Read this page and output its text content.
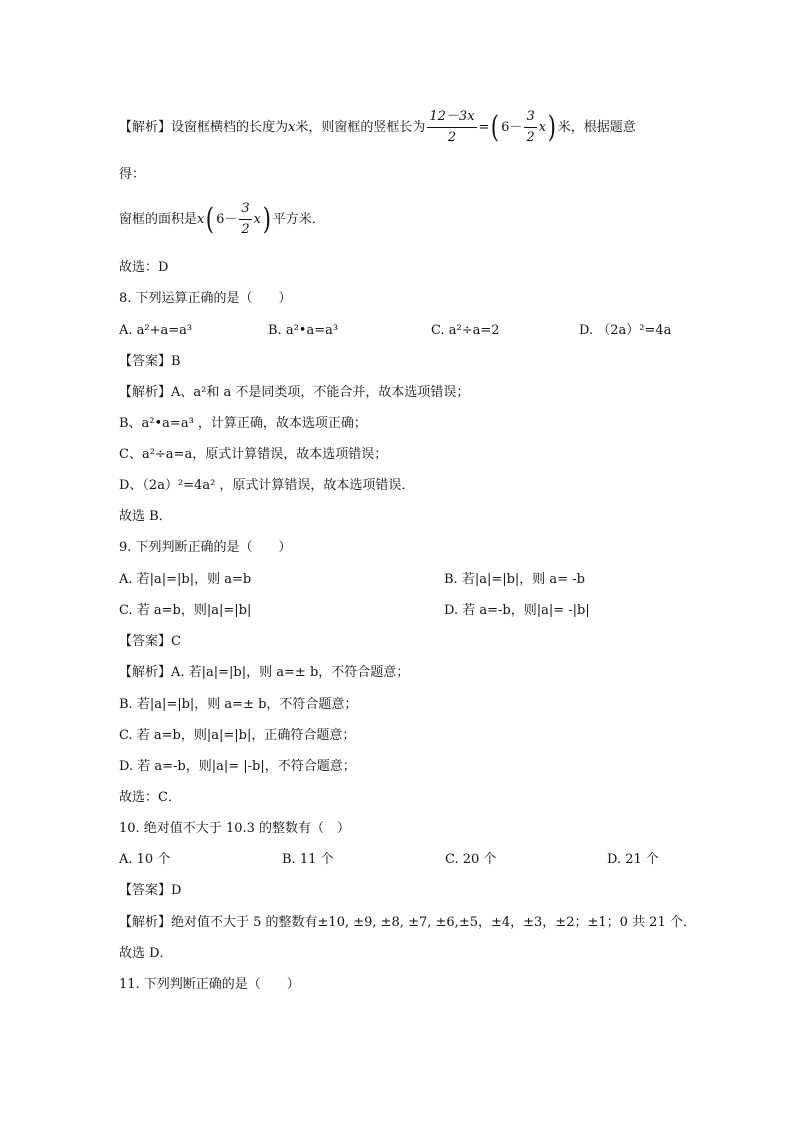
【解析】设窗框横档的长度为x米，则窗框的竖框长为 $\frac{12-3x}{2}$ =( $6- \frac{3}{2} x$) 米，根据题意
得：
窗框的面积是x( $6- \frac{3}{2} x$) 平方米．
故选：D
8. 下列运算正确的是（　　）
A. a²+a=a³	B. a²•a=a³	C. a²÷a=2	D. （2a）²=4a
【答案】B
【解析】A、a²和 a 不是同类项，不能合并，故本选项错误；
B、a²•a=a³ ，计算正确，故本选项正确；
C、a²÷a=a，原式计算错误，故本选项错误；
D、（2a）²=4a² ，原式计算错误，故本选项错误．
故选 B．
9. 下列判断正确的是（　　）
A. 若|a|=|b|，则 a=b	B. 若|a|=|b|，则 a= -b
C. 若 a=b，则|a|=|b|	D. 若 a=-b，则|a|= -|b|
【答案】C
【解析】A. 若|a|=|b|，则 a=± b，不符合题意；
B. 若|a|=|b|，则 a=± b，不符合题意；
C. 若 a=b，则|a|=|b|，正确符合题意；
D. 若 a=-b，则|a|= |-b|，不符合题意；
故选：C．
10. 绝对值不大于 10.3 的整数有（　）
A. 10 个	B. 11 个	C. 20 个	D. 21 个
【答案】D
【解析】绝对值不大于 5 的整数有±10, ±9, ±8, ±7, ±6,±5，±4，±3，±2；±1；0 共 21 个．
故选 D．
11. 下列判断正确的是（　　）
